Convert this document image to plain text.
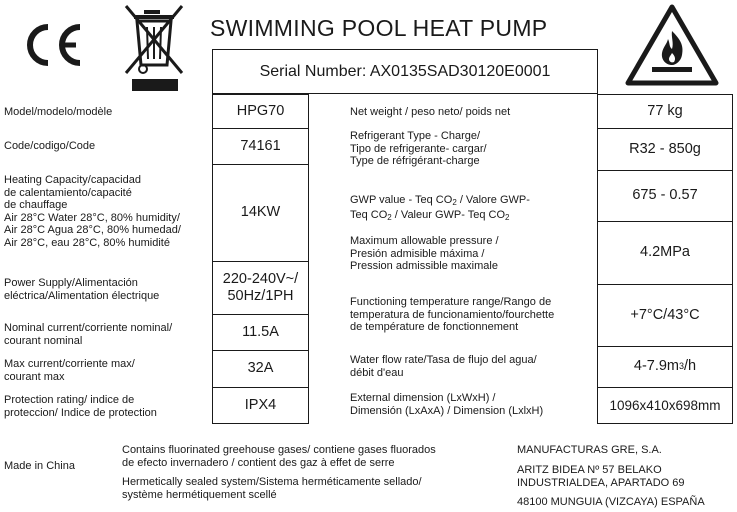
SWIMMING POOL HEAT PUMP
Serial Number: AX0135SAD30120E0001
Model/modelo/modèle
Code/codigo/Code
Heating Capacity/capacidad
de calentamiento/capacité
de chauffage
Air 28°C Water 28°C, 80% humidity/
Air 28°C Agua 28°C, 80% humedad/
Air 28°C, eau 28°C, 80% humidité
Power Supply/Alimentación
eléctrica/Alimentation électrique
Nominal current/corriente nominal/
courant nominal
Max current/corriente max/
courant max
Protection rating/ indice de
proteccion/ Indice de protection
HPG70
74161
14KW
220-240V~/
50Hz/1PH
11.5A
32A
IPX4
Net weight / peso neto/ poids net
Refrigerant Type - Charge/
Tipo de refrigerante- cargar/
Type de réfrigérant-charge

GWP value - Teq $CO_2$ / Valore GWP-
Teq $CO_2$ / Valeur GWP- Teq $CO_2$

Maximum allowable pressure /
Presión admisible máxima /
Pression admissible maximale
Functioning temperature range/Rango de
temperatura de funcionamiento/fourchette
de température de fonctionnement
Water flow rate/Tasa de flujo del agua/
débit d'eau
External dimension (LxWxH) /
Dimensión (LxAxA) / Dimension (LxlxH)
77 kg
R32 - 850g
675 - 0.57
4.2MPa
+7°C/43°C
4-7.9m 3 /h
1096x410x698mm
Made in China
Contains fluorinated greehouse gases/ contiene gases fluorados
de efecto invernadero / contient des gaz à effet de serre
Hermetically sealed system/Sistema herméticamente sellado/
système hermétiquement scellé
MANUFACTURAS GRE, S.A.
ARITZ BIDEA Nº 57 BELAKO
INDUSTRIALDEA, APARTADO 69
48100 MUNGUIA (VIZCAYA) ESPAÑA
